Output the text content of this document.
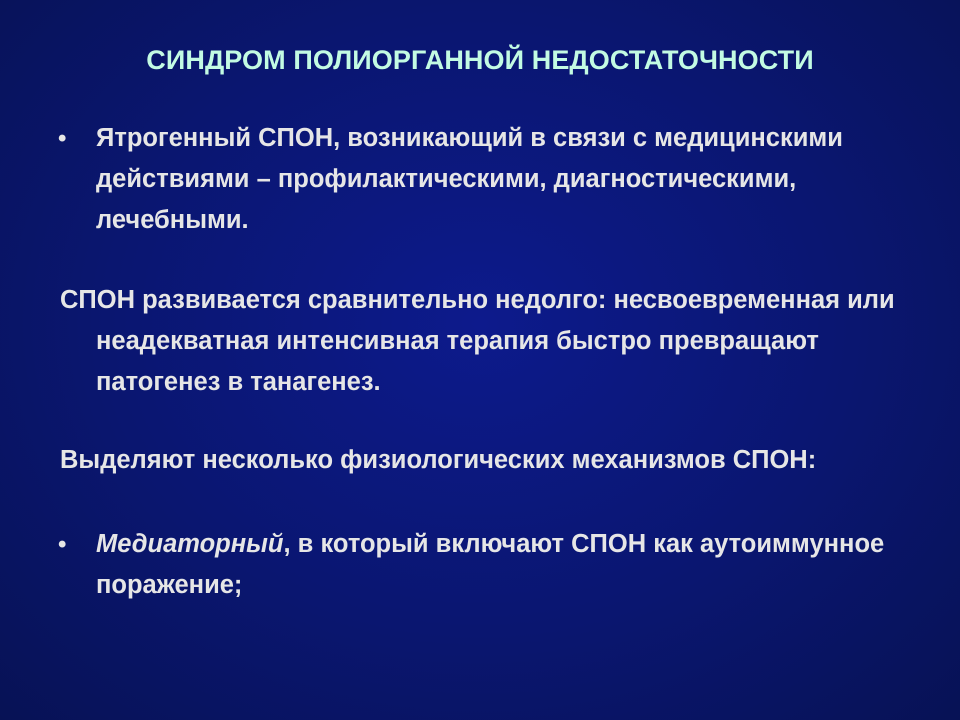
СИНДРОМ ПОЛИОРГАННОЙ НЕДОСТАТОЧНОСТИ
• Ятрогенный СПОН, возникающий в связи с медицинскими действиями – профилактическими, диагностическими, лечебными.

СПОН развивается сравнительно недолго: несвоевременная или неадекватная интенсивная терапия быстро превращают патогенез в танагенез.

Выделяют несколько физиологических механизмов СПОН:

• Медиаторный, в который включают СПОН как аутоиммунное поражение;
